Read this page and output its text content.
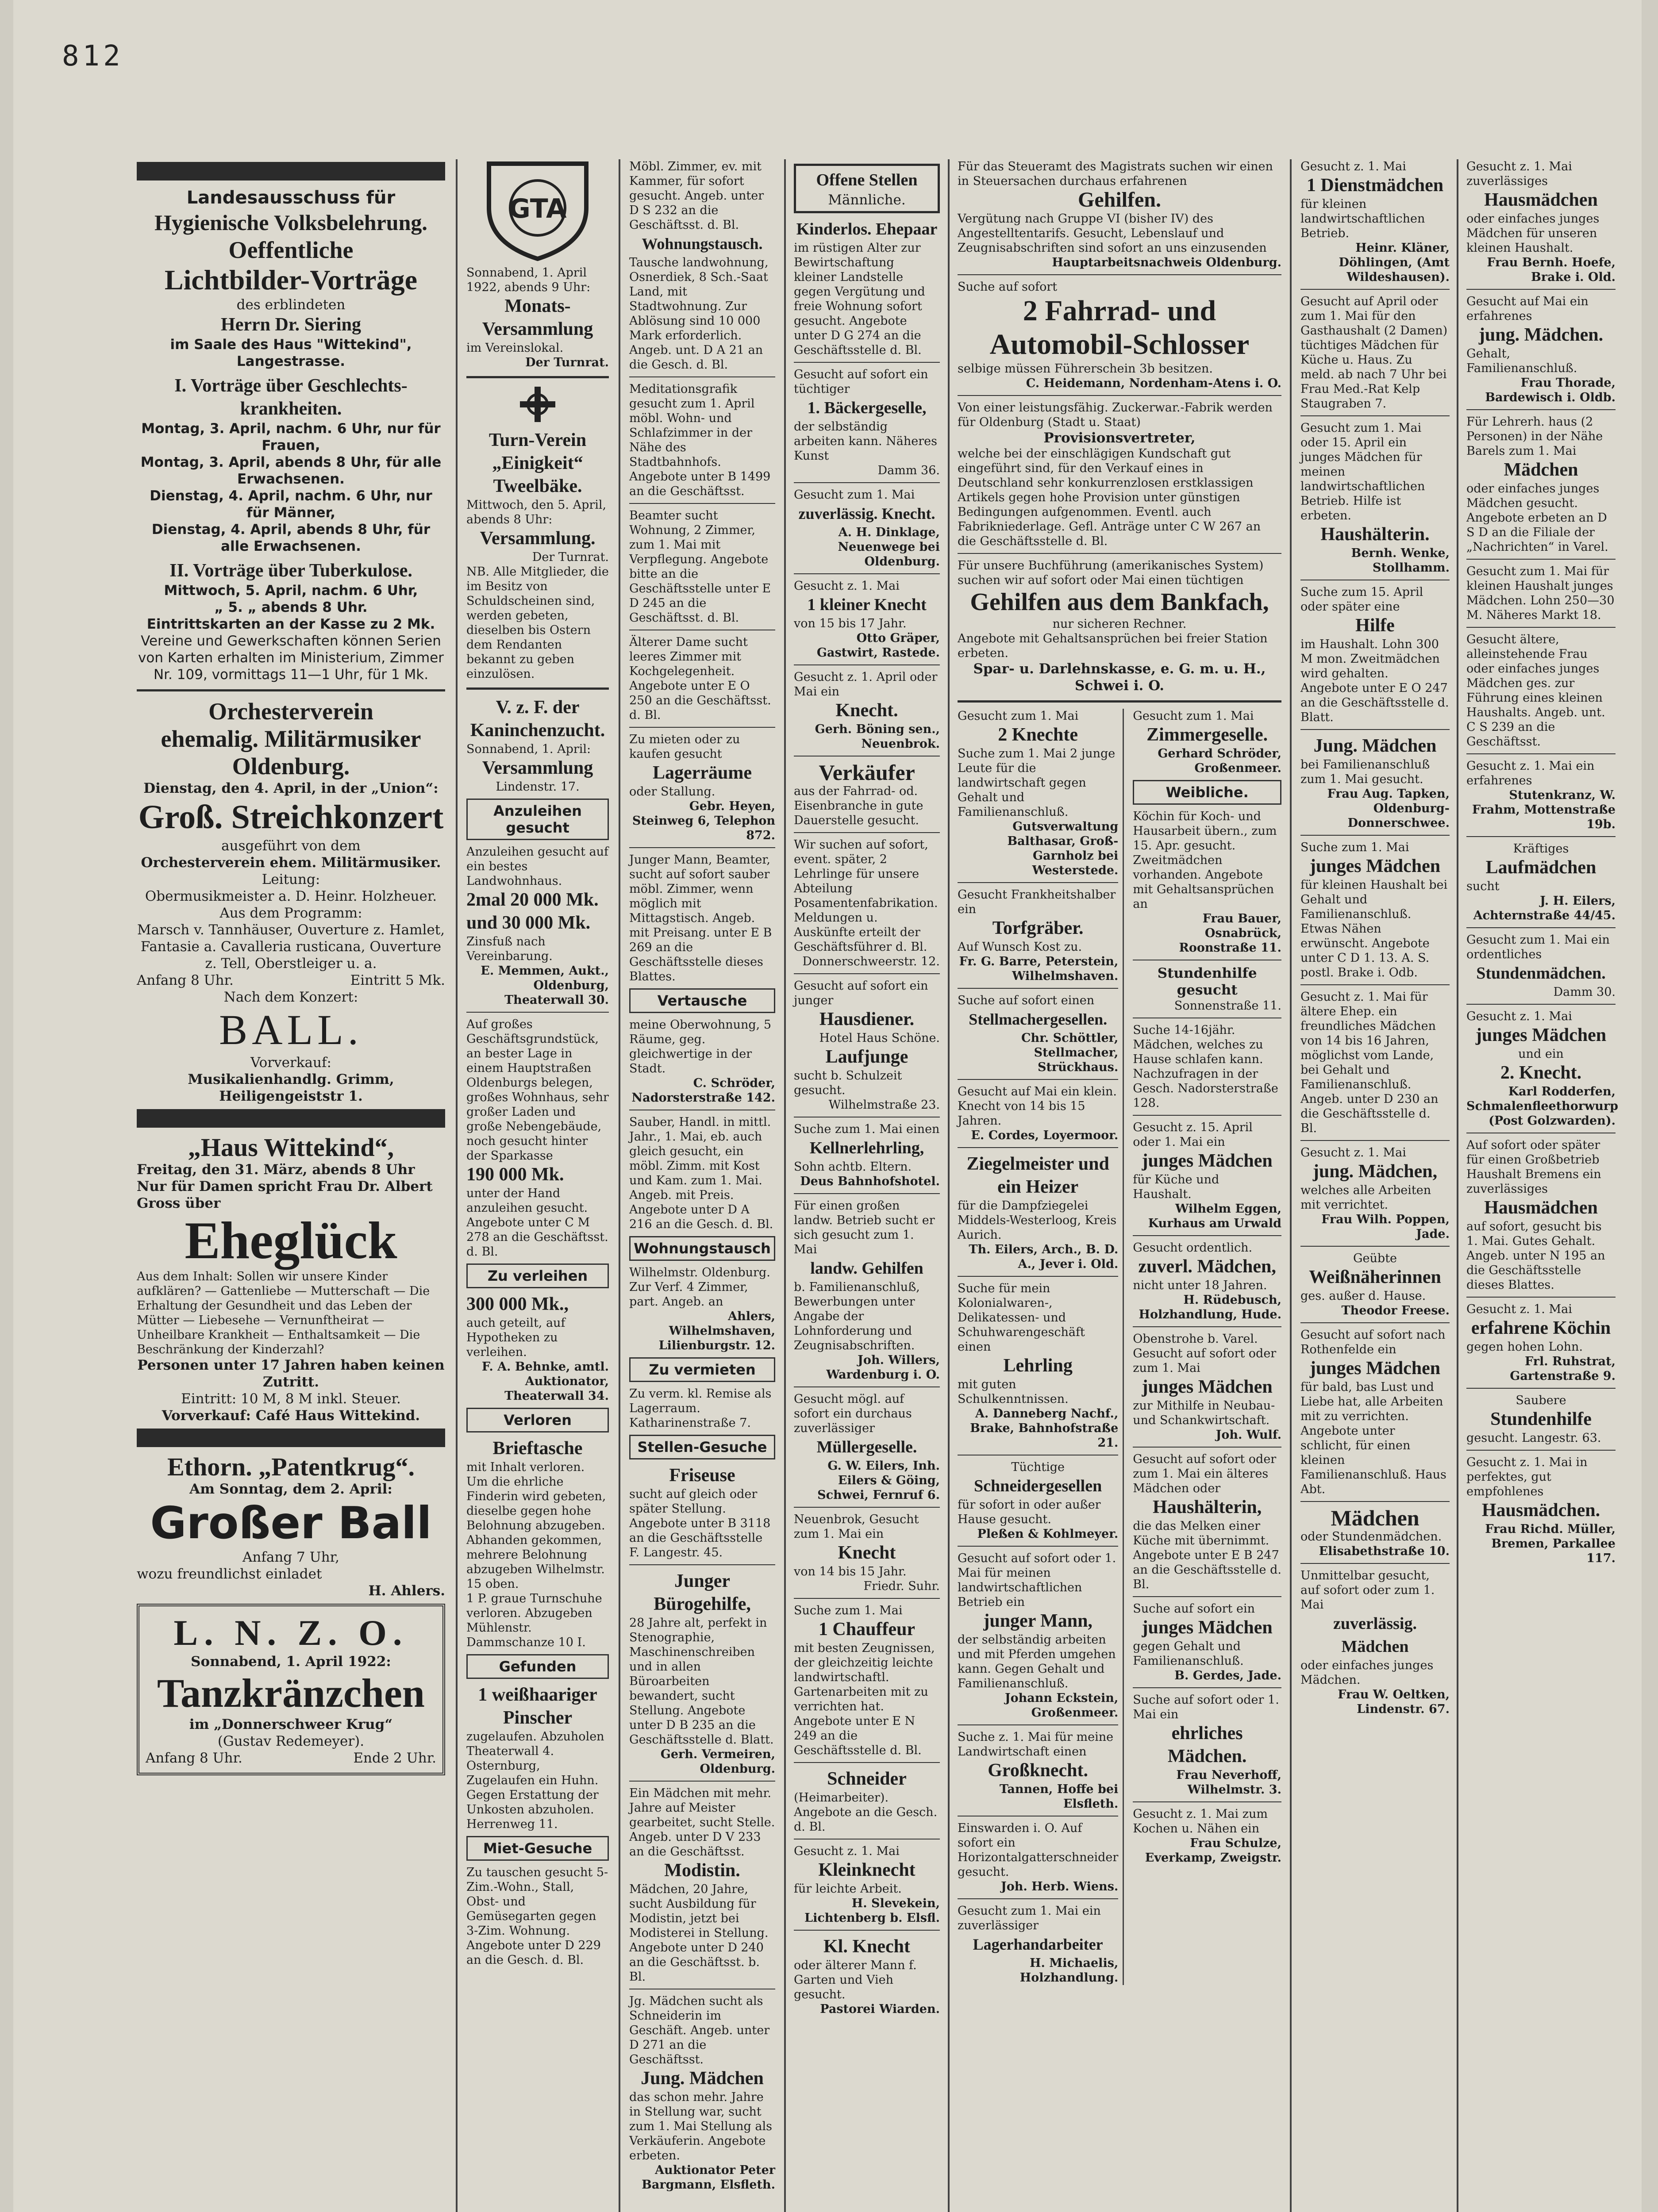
812

Landesausschuss für

Hygienische Volksbelehrung.

Oeffentliche

Lichtbilder-Vorträge

des erblindeten

Herrn Dr. Siering

im Saale des Haus "Wittekind", Langestrasse.

I. Vorträge über Geschlechts-krankheiten.

Montag, 3. April, nachm. 6 Uhr, nur für Frauen,

Montag, 3. April, abends 8 Uhr, für alle Erwachsenen.

Dienstag, 4. April, nachm. 6 Uhr, nur für Männer,

Dienstag, 4. April, abends 8 Uhr, für alle Erwachsenen.

II. Vorträge über Tuberkulose.

Mittwoch, 5. April, nachm. 6 Uhr,

„ 5. „ abends 8 Uhr.

Eintrittskarten an der Kasse zu 2 Mk.

Vereine und Gewerkschaften können Serien von Karten erhalten im Ministerium, Zimmer Nr. 109, vormittags 11—1 Uhr, für 1 Mk.

Orchesterverein

ehemalig. Militärmusiker

Oldenburg.

Dienstag, den 4. April, in der „Union“:

Groß. Streichkonzert

ausgeführt von dem

Orchesterverein ehem. Militärmusiker.

Leitung:

Obermusikmeister a. D. Heinr. Holzheuer.

Aus dem Programm:

Marsch v. Tannhäuser, Ouverture z. Hamlet, Fantasie a. Cavalleria rusticana, Ouverture z. Tell, Oberstleiger u. a.

Anfang 8 Uhr.	Eintritt 5 Mk.

Nach dem Konzert:

BALL.

Vorverkauf:

Musikalienhandlg. Grimm, Heiligengeiststr 1.

„Haus Wittekind“,

Freitag, den 31. März, abends 8 Uhr

Nur für Damen spricht Frau Dr. Albert Gross über

Eheglück

Aus dem Inhalt: Sollen wir unsere Kinder aufklären? — Gattenliebe — Mutterschaft — Die Erhaltung der Gesundheit und das Leben der Mütter — Liebesehe — Vernunftheirat — Unheilbare Krankheit — Enthaltsamkeit — Die Beschränkung der Kinderzahl?

Personen unter 17 Jahren haben keinen Zutritt.

Eintritt: 10 M, 8 M inkl. Steuer.

Vorverkauf: Café Haus Wittekind.

Ethorn. „Patentkrug“.

Am Sonntag, dem 2. April:

Großer Ball

Anfang 7 Uhr,

wozu freundlichst einladet

H. Ahlers.

L. N. Z. O.

Sonnabend, 1. April 1922:

Tanzkränzchen

im „Donnerschweer Krug“

(Gustav Redemeyer).

Anfang 8 Uhr.	Ende 2 Uhr.

GTA

Sonnabend, 1. April 1922, abends 9 Uhr:

Monats-Versammlung

im Vereinslokal.

Der Turnrat.

Turn-Verein „Einigkeit“ Tweelbäke.

Mittwoch, den 5. April, abends 8 Uhr:

Versammlung.

Der Turnrat.

NB. Alle Mitglieder, die im Besitz von Schuldscheinen sind, werden gebeten, dieselben bis Ostern dem Rendanten bekannt zu geben einzulösen.

V. z. F. der Kaninchenzucht.

Sonnabend, 1. April:

Versammlung

Lindenstr. 17.

Anzuleihen gesucht

Anzuleihen gesucht auf ein bestes Landwohnhaus.

2mal 20 000 Mk. und 30 000 Mk.

Zinsfuß nach Vereinbarung.

E. Memmen, Aukt., Oldenburg, Theaterwall 30.

Auf großes Geschäftsgrundstück, an bester Lage in einem Hauptstraßen Oldenburgs belegen, großes Wohnhaus, sehr großer Laden und große Nebengebäude, noch gesucht hinter der Sparkasse

190 000 Mk.

unter der Hand anzuleihen gesucht. Angebote unter C M 278 an die Geschäftsst. d. Bl.

Zu verleihen

300 000 Mk.,

auch geteilt, auf Hypotheken zu verleihen.

F. A. Behnke, amtl. Auktionator, Theaterwall 34.

Verloren

Brieftasche

mit Inhalt verloren. Um die ehrliche Finderin wird gebeten, dieselbe gegen hohe Belohnung abzugeben.

Abhanden gekommen, mehrere Belohnung abzugeben Wilhelmstr. 15 oben.

1 P. graue Turnschuhe verloren. Abzugeben Mühlenstr. Dammschanze 10 I.

Gefunden

1 weißhaariger Pinscher

zugelaufen. Abzuholen Theaterwall 4.

Osternburg, Zugelaufen ein Huhn. Gegen Erstattung der Unkosten abzuholen. Herrenweg 11.

Miet-Gesuche

Zu tauschen gesucht 5-Zim.-Wohn., Stall, Obst- und Gemüsegarten gegen 3-Zim. Wohnung. Angebote unter D 229 an die Gesch. d. Bl.

Möbl. Zimmer, ev. mit Kammer, für sofort gesucht. Angeb. unter D S 232 an die Geschäftsst. d. Bl.

Wohnungstausch.

Tausche landwohnung, Osnerdiek, 8 Sch.-Saat Land, mit Stadtwohnung. Zur Ablösung sind 10 000 Mark erforderlich. Angeb. unt. D A 21 an die Gesch. d. Bl.

Meditationsgrafik gesucht zum 1. April möbl. Wohn- und Schlafzimmer in der Nähe des Stadtbahnhofs. Angebote unter B 1499 an die Geschäftsst.

Beamter sucht Wohnung, 2 Zimmer, zum 1. Mai mit Verpflegung. Angebote bitte an die Geschäftsstelle unter E D 245 an die Geschäftsst. d. Bl.

Älterer Dame sucht leeres Zimmer mit Kochgelegenheit. Angebote unter E O 250 an die Geschäftsst. d. Bl.

Zu mieten oder zu kaufen gesucht

Lagerräume

oder Stallung.

Gebr. Heyen, Steinweg 6, Telephon 872.

Junger Mann, Beamter, sucht auf sofort sauber möbl. Zimmer, wenn möglich mit Mittagstisch. Angeb. mit Preisang. unter E B 269 an die Geschäftsstelle dieses Blattes.

Vertausche

meine Oberwohnung, 5 Räume, geg. gleichwertige in der Stadt.

C. Schröder, Nadorsterstraße 142.

Sauber, Handl. in mittl. Jahr., 1. Mai, eb. auch gleich gesucht, ein möbl. Zimm. mit Kost und Kam. zum 1. Mai. Angeb. mit Preis. Angebote unter D A 216 an die Gesch. d. Bl.

Wohnungstausch

Wilhelmstr. Oldenburg. Zur Verf. 4 Zimmer, part. Angeb. an

Ahlers, Wilhelmshaven, Lilienburgstr. 12.

Zu vermieten

Zu verm. kl. Remise als Lagerraum. Katharinenstraße 7.

Stellen-Gesuche

Friseuse

sucht auf gleich oder später Stellung. Angebote unter B 3118 an die Geschäftsstelle F. Langestr. 45.

Junger Bürogehilfe,

28 Jahre alt, perfekt in Stenographie, Maschinenschreiben und in allen Büroarbeiten bewandert, sucht Stellung. Angebote unter D B 235 an die Geschäftsstelle d. Blatt.

Gerh. Vermeiren, Oldenburg.

Ein Mädchen mit mehr. Jahre auf Meister gearbeitet, sucht Stelle. Angeb. unter D V 233 an die Geschäftsst.

Modistin.

Mädchen, 20 Jahre, sucht Ausbildung für Modistin, jetzt bei Modisterei in Stellung. Angebote unter D 240 an die Geschäftsst. b. Bl.

Jg. Mädchen sucht als Schneiderin im Geschäft. Angeb. unter D 271 an die Geschäftsst.

Jung. Mädchen

das schon mehr. Jahre in Stellung war, sucht zum 1. Mai Stellung als Verkäuferin. Angebote erbeten.

Auktionator Peter Bargmann, Elsfleth.

Offene Stellen

Männliche.

Kinderlos. Ehepaar

im rüstigen Alter zur Bewirtschaftung kleiner Landstelle gegen Vergütung und freie Wohnung sofort gesucht. Angebote unter D G 274 an die Geschäftsstelle d. Bl.

Gesucht auf sofort ein tüchtiger

1. Bäckergeselle,

der selbständig arbeiten kann. Näheres Kunst

Damm 36.

Gesucht zum 1. Mai

zuverlässig. Knecht.

A. H. Dinklage, Neuenwege bei Oldenburg.

Gesucht z. 1. Mai

1 kleiner Knecht

von 15 bis 17 Jahr.

Otto Gräper, Gastwirt, Rastede.

Gesucht z. 1. April oder Mai ein

Knecht.

Gerh. Böning sen., Neuenbrok.

Verkäufer

aus der Fahrrad- od. Eisenbranche in gute Dauerstelle gesucht.

Wir suchen auf sofort, event. später, 2 Lehrlinge für unsere Abteilung Posamentenfabrikation. Meldungen u. Auskünfte erteilt der Geschäftsführer d. Bl.

Donnerschweerstr. 12.

Gesucht auf sofort ein junger

Hausdiener.

Hotel Haus Schöne.

Laufjunge

sucht b. Schulzeit gesucht.

Wilhelmstraße 23.

Suche zum 1. Mai einen

Kellnerlehrling,

Sohn achtb. Eltern.

Deus Bahnhofshotel.

Für einen großen landw. Betrieb sucht er sich gesucht zum 1. Mai

landw. Gehilfen

b. Familienanschluß, Bewerbungen unter Angabe der Lohnforderung und Zeugnisabschriften.

Joh. Willers, Wardenburg i. O.

Gesucht mögl. auf sofort ein durchaus zuverlässiger

Müllergeselle.

G. W. Eilers, Inh. Eilers & Göing, Schwei, Fernruf 6.

Neuenbrok, Gesucht zum 1. Mai ein

Knecht

von 14 bis 15 Jahr.

Friedr. Suhr.

Suche zum 1. Mai

1 Chauffeur

mit besten Zeugnissen, der gleichzeitig leichte landwirtschaftl. Gartenarbeiten mit zu verrichten hat. Angebote unter E N 249 an die Geschäftsstelle d. Bl.

Schneider

(Heimarbeiter). Angebote an die Gesch. d. Bl.

Gesucht z. 1. Mai

Kleinknecht

für leichte Arbeit.

H. Slevekein, Lichtenberg b. Elsfl.

Kl. Knecht

oder älterer Mann f. Garten und Vieh gesucht.

Pastorei Wiarden.

Für das Steueramt des Magistrats suchen wir einen in Steuersachen durchaus erfahrenen

Gehilfen.

Vergütung nach Gruppe VI (bisher IV) des Angestelltentarifs. Gesucht, Lebenslauf und Zeugnisabschriften sind sofort an uns einzusenden

Hauptarbeitsnachweis Oldenburg.

Suche auf sofort

2 Fahrrad- und Automobil-Schlosser

selbige müssen Führerschein 3b besitzen.

C. Heidemann, Nordenham-Atens i. O.

Von einer leistungsfähig. Zuckerwar.-Fabrik werden für Oldenburg (Stadt u. Staat)

Provisionsvertreter,

welche bei der einschlägigen Kundschaft gut eingeführt sind, für den Verkauf eines in Deutschland sehr konkurrenzlosen erstklassigen Artikels gegen hohe Provision unter günstigen Bedingungen aufgenommen. Eventl. auch Fabrikniederlage. Gefl. Anträge unter C W 267 an die Geschäftsstelle d. Bl.

Für unsere Buchführung (amerikanisches System) suchen wir auf sofort oder Mai einen tüchtigen

Gehilfen aus dem Bankfach,

nur sicheren Rechner.

Angebote mit Gehaltsansprüchen bei freier Station erbeten.

Spar- u. Darlehnskasse, e. G. m. u. H., Schwei i. O.

Gesucht zum 1. Mai

2 Knechte

Suche zum 1. Mai 2 junge Leute für die landwirtschaft gegen Gehalt und Familienanschluß.

Gutsverwaltung Balthasar, Groß-Garnholz bei Westerstede.

Gesucht Frankheitshalber ein

Torfgräber.

Auf Wunsch Kost zu.

Fr. G. Barre, Peterstein, Wilhelmshaven.

Suche auf sofort einen

Stellmachergesellen.

Chr. Schöttler, Stellmacher, Strückhaus.

Gesucht auf Mai ein klein. Knecht von 14 bis 15 Jahren.

E. Cordes, Loyermoor.

Ziegelmeister und ein Heizer

für die Dampfziegelei Middels-Westerloog, Kreis Aurich.

Th. Eilers, Arch., B. D. A., Jever i. Old.

Suche für mein Kolonialwaren-, Delikatessen- und Schuhwarengeschäft einen

Lehrling

mit guten Schulkenntnissen.

A. Danneberg Nachf., Brake, Bahnhofstraße 21.

Tüchtige

Schneidergesellen

für sofort in oder außer Hause gesucht.

Pleßen & Kohlmeyer.

Gesucht auf sofort oder 1. Mai für meinen landwirtschaftlichen Betrieb ein

junger Mann,

der selbständig arbeiten und mit Pferden umgehen kann. Gegen Gehalt und Familienanschluß.

Johann Eckstein, Großenmeer.

Suche z. 1. Mai für meine Landwirtschaft einen

Großknecht.

Tannen, Hoffe bei Elsfleth.

Einswarden i. O. Auf sofort ein Horizontalgatterschneider gesucht.

Joh. Herb. Wiens.

Gesucht zum 1. Mai ein zuverlässiger

Lagerhandarbeiter

H. Michaelis, Holzhandlung.

Gesucht zum 1. Mai

Zimmergeselle.

Gerhard Schröder, Großenmeer.

Weibliche.

Köchin für Koch- und Hausarbeit übern., zum 15. Apr. gesucht. Zweitmädchen vorhanden. Angebote mit Gehaltsansprüchen an

Frau Bauer, Osnabrück, Roonstraße 11.

Stundenhilfe gesucht

Sonnenstraße 11.

Suche 14-16jähr. Mädchen, welches zu Hause schlafen kann. Nachzufragen in der Gesch. Nadorsterstraße 128.

Gesucht z. 15. April oder 1. Mai ein

junges Mädchen

für Küche und Haushalt.

Wilhelm Eggen, Kurhaus am Urwald

Gesucht ordentlich.

zuverl. Mädchen,

nicht unter 18 Jahren.

H. Rüdebusch, Holzhandlung, Hude.

Obenstrohe b. Varel. Gesucht auf sofort oder zum 1. Mai

junges Mädchen

zur Mithilfe in Neubau- und Schankwirtschaft.

Joh. Wulf.

Gesucht auf sofort oder zum 1. Mai ein älteres Mädchen oder

Haushälterin,

die das Melken einer Küche mit übernimmt. Angebote unter E B 247 an die Geschäftsstelle d. Bl.

Suche auf sofort ein

junges Mädchen

gegen Gehalt und Familienanschluß.

B. Gerdes, Jade.

Suche auf sofort oder 1. Mai ein

ehrliches Mädchen.

Frau Neverhoff, Wilhelmstr. 3.

Gesucht z. 1. Mai zum Kochen u. Nähen ein

Frau Schulze, Everkamp, Zweigstr.

Gesucht z. 1. Mai

1 Dienstmädchen

für kleinen landwirtschaftlichen Betrieb.

Heinr. Kläner, Döhlingen, (Amt Wildeshausen).

Gesucht auf April oder zum 1. Mai für den Gasthaushalt (2 Damen) tüchtiges Mädchen für Küche u. Haus. Zu meld. ab nach 7 Uhr bei Frau Med.-Rat Kelp Staugraben 7.

Gesucht zum 1. Mai oder 15. April ein junges Mädchen für meinen landwirtschaftlichen Betrieb. Hilfe ist erbeten.

Haushälterin.

Bernh. Wenke, Stollhamm.

Suche zum 15. April oder später eine

Hilfe

im Haushalt. Lohn 300 M mon. Zweitmädchen wird gehalten. Angebote unter E O 247 an die Geschäftsstelle d. Blatt.

Jung. Mädchen

bei Familienanschluß zum 1. Mai gesucht.

Frau Aug. Tapken, Oldenburg-Donnerschwee.

Suche zum 1. Mai

junges Mädchen

für kleinen Haushalt bei Gehalt und Familienanschluß. Etwas Nähen erwünscht. Angebote unter C D 1. 13. A. S. postl. Brake i. Odb.

Gesucht z. 1. Mai für ältere Ehep. ein freundliches Mädchen von 14 bis 16 Jahren, möglichst vom Lande, bei Gehalt und Familienanschluß. Angeb. unter D 230 an die Geschäftsstelle d. Bl.

Gesucht z. 1. Mai

jung. Mädchen,

welches alle Arbeiten mit verrichtet.

Frau Wilh. Poppen, Jade.

Geübte

Weißnäherinnen

ges. außer d. Hause.

Theodor Freese.

Gesucht auf sofort nach Rothenfelde ein

junges Mädchen

für bald, bas Lust und Liebe hat, alle Arbeiten mit zu verrichten. Angebote unter schlicht, für einen kleinen Familienanschluß. Haus Abt.

Mädchen

oder Stundenmädchen.

Elisabethstraße 10.

Unmittelbar gesucht, auf sofort oder zum 1. Mai

zuverlässig. Mädchen

oder einfaches junges Mädchen.

Frau W. Oeltken, Lindenstr. 67.

Gesucht z. 1. Mai zuverlässiges

Hausmädchen

oder einfaches junges Mädchen für unseren kleinen Haushalt.

Frau Bernh. Hoefe, Brake i. Old.

Gesucht auf Mai ein erfahrenes

jung. Mädchen.

Gehalt, Familienanschluß.

Frau Thorade, Bardewisch i. Oldb.

Für Lehrerh. haus (2 Personen) in der Nähe Barels zum 1. Mai

Mädchen

oder einfaches junges Mädchen gesucht. Angebote erbeten an D S D an die Filiale der „Nachrichten“ in Varel.

Gesucht zum 1. Mai für kleinen Haushalt junges Mädchen. Lohn 250—30 M. Näheres Markt 18.

Gesucht ältere, alleinstehende Frau oder einfaches junges Mädchen ges. zur Führung eines kleinen Haushalts. Angeb. unt. C S 239 an die Geschäftsst.

Gesucht z. 1. Mai ein erfahrenes

Stutenkranz, W. Frahm, Mottenstraße 19b.

Kräftiges

Laufmädchen

sucht

J. H. Eilers, Achternstraße 44/45.

Gesucht zum 1. Mai ein ordentliches

Stundenmädchen.

Damm 30.

Gesucht z. 1. Mai

junges Mädchen

und ein

2. Knecht.

Karl Rodderfen, Schmalenfleethorwurp (Post Golzwarden).

Auf sofort oder später für einen Großbetrieb Haushalt Bremens ein zuverlässiges

Hausmädchen

auf sofort, gesucht bis 1. Mai. Gutes Gehalt. Angeb. unter N 195 an die Geschäftsstelle dieses Blattes.

Gesucht z. 1. Mai

erfahrene Köchin

gegen hohen Lohn.

Frl. Ruhstrat, Gartenstraße 9.

Saubere

Stundenhilfe

gesucht. Langestr. 63.

Gesucht z. 1. Mai in perfektes, gut empfohlenes

Hausmädchen.

Frau Richd. Müller, Bremen, Parkallee 117.
